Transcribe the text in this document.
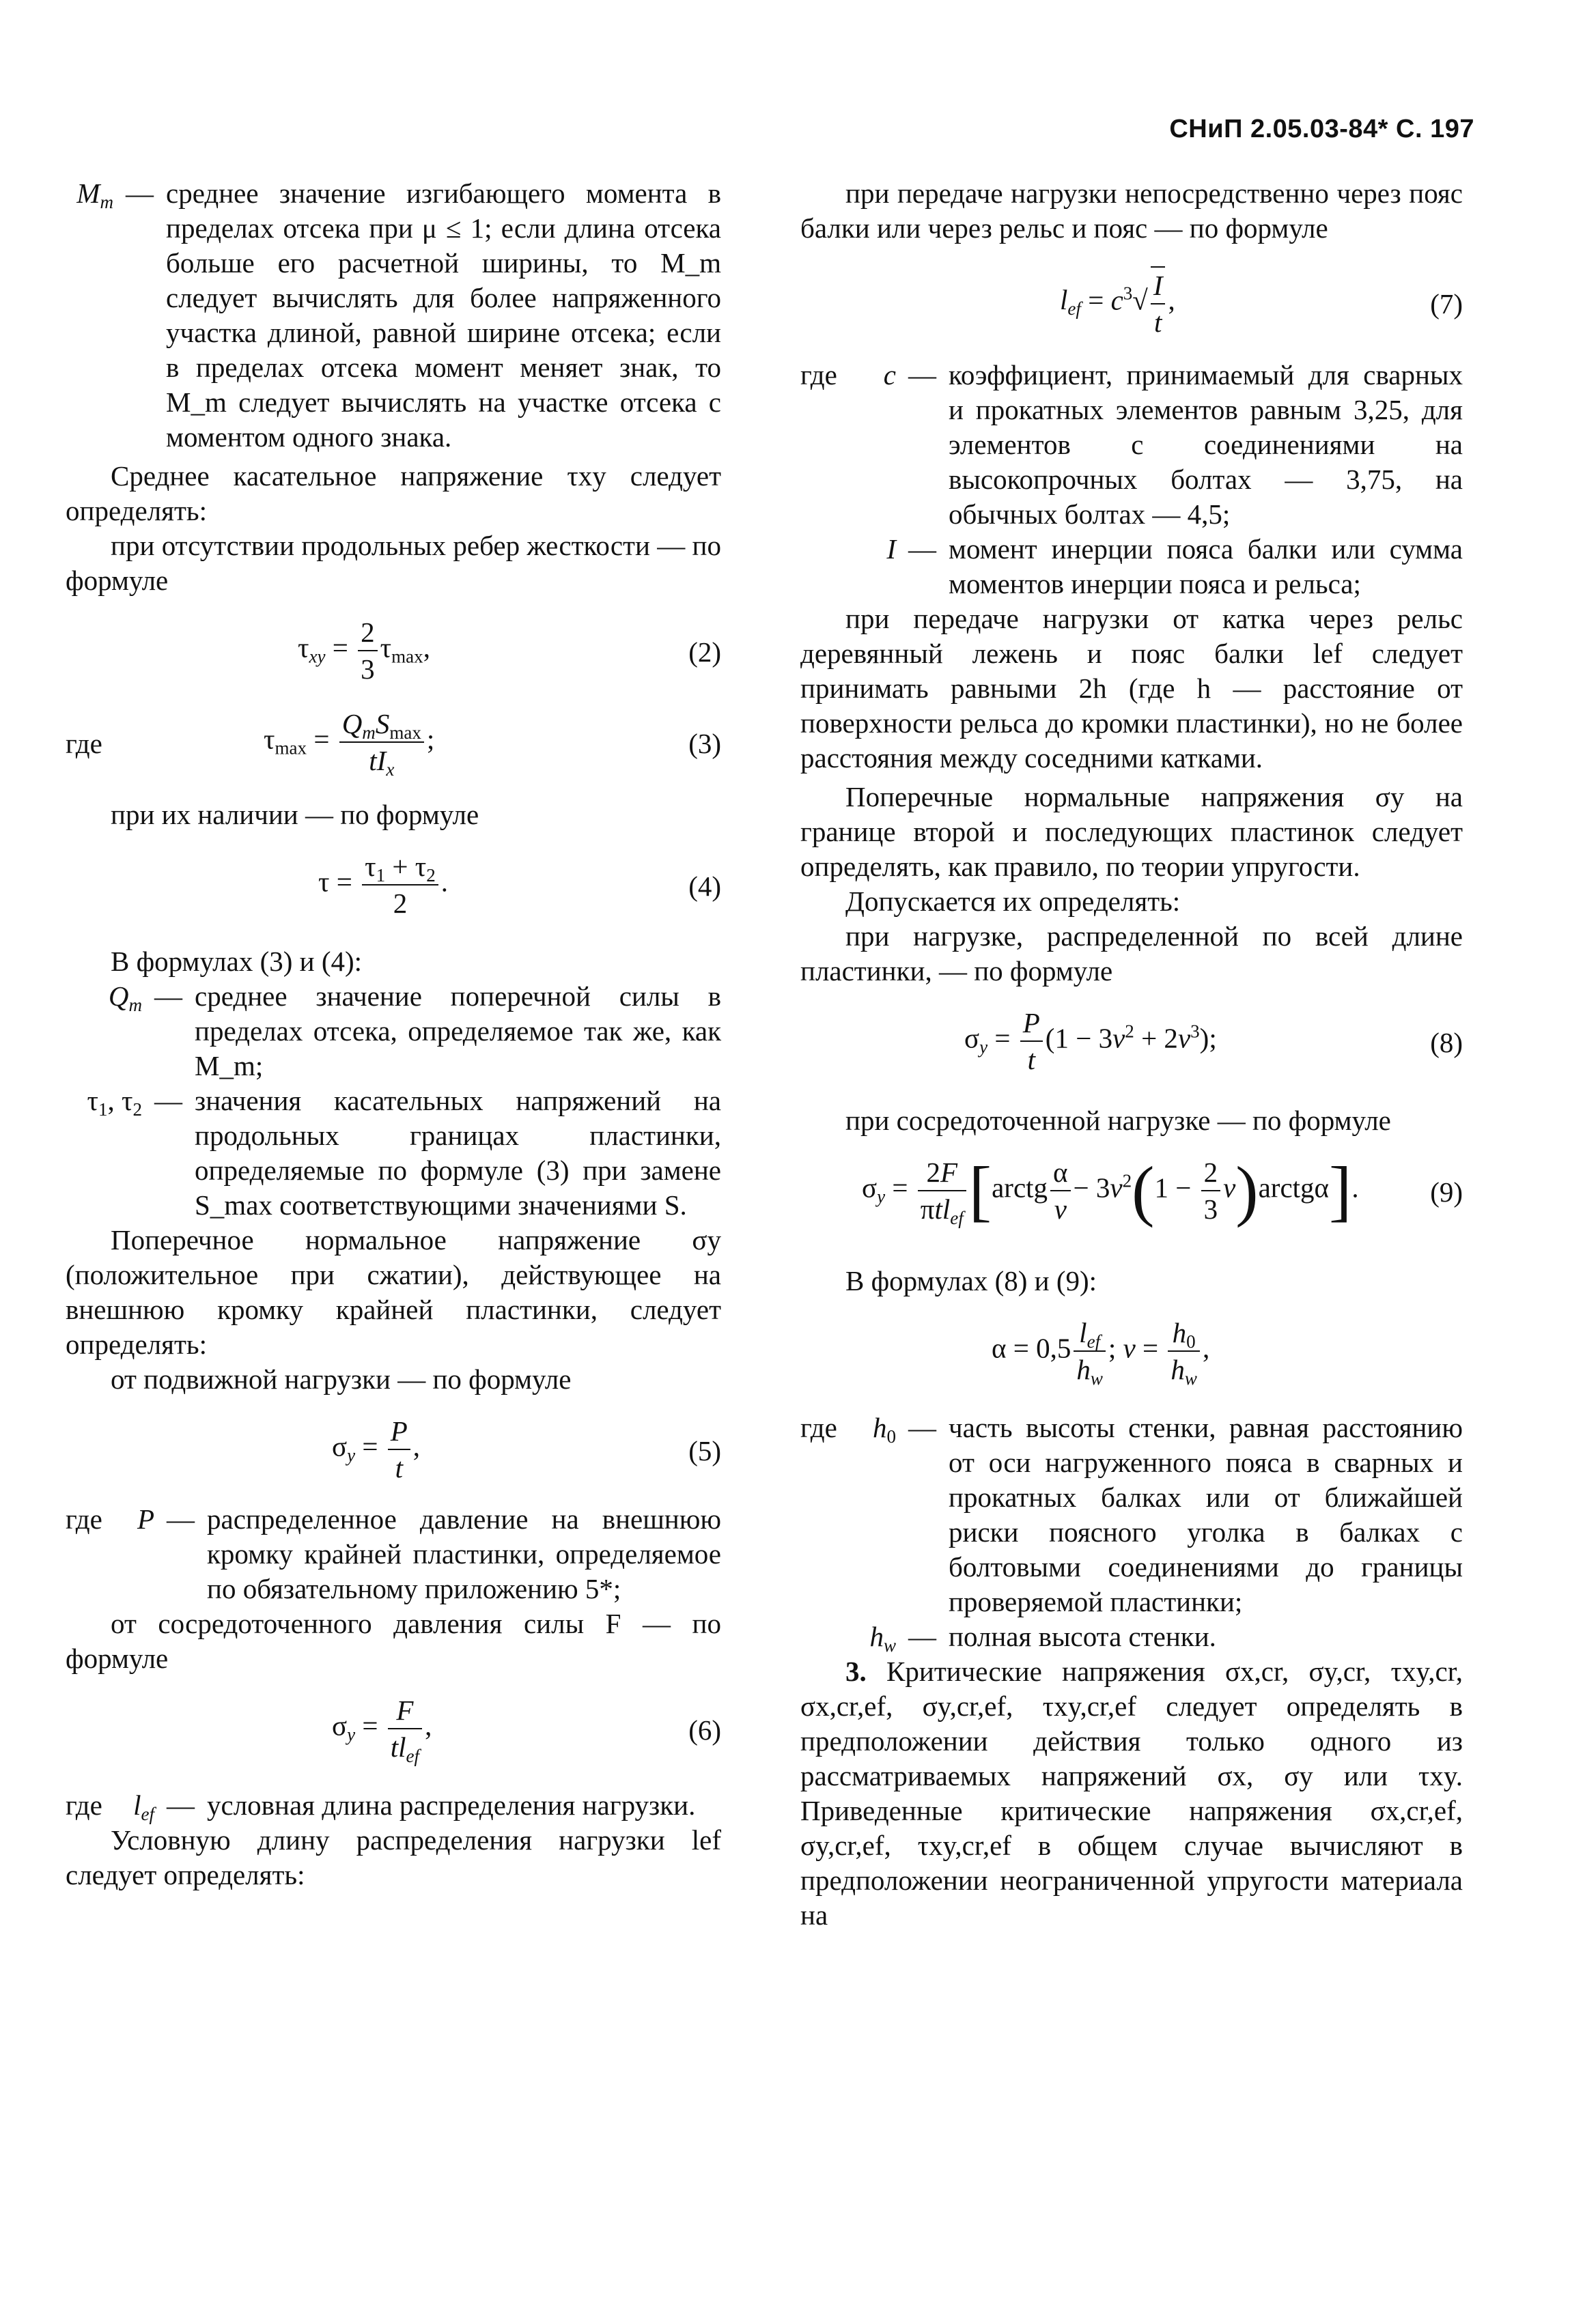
СНиП 2.05.03-84* С. 197
$M_m$ — среднее значение изгибающего момента в пределах отсека при μ ≤ 1; если длина отсека больше его расчетной ширины, то M_m следует вычислять для более напряженного участка длиной, равной ширине отсека; если в пределах отсека момент меняет знак, то M_m следует вычислять на участке отсека с моментом одного знака.

Среднее касательное напряжение τxy следует определять:

при отсутствии продольных ребер жесткости — по формуле

$\tau_{xy} = \frac{2}{3} \tau_{max}$,	(2)
где	$\tau_{max} = Q_mS_{max}$
$tI_x$
;	(3)

при их наличии — по формуле

$\tau = \frac{\tau_1 + \tau_2}{2}$ .	(4)

В формулах (3) и (4):

$Q_m$ — среднее значение поперечной силы в пределах отсека, определяемое так же, как M_m;
$\tau_1$, $\tau_2$ — значения касательных напряжений на продольных границах пластинки, определяемые по формуле (3) при замене S_max соответствующими значениями S.

Поперечное нормальное напряжение σy (положительное при сжатии), действующее на внешнюю кромку крайней пластинки, следует определять:

от подвижной нагрузки — по формуле

$\sigma_y = \frac{P}{t}$ ,	(5)
где	P — распределенное давление на внешнюю кромку крайней пластинки, определяемое по обязательному приложению 5*;

от сосредоточенного давления силы F — по формуле

$\sigma_y = F$
$tl_{ef}$
,	(6)
где	$l_{ef}$ — условная длина распределения нагрузки.

Условную длину распределения нагрузки lef следует определять:

при передаче нагрузки непосредственно через пояс балки или через рельс и пояс — по формуле

$l_{ef} = c^3√ \frac{I}{t}$ ,	(7)
где	c — коэффициент, принимаемый для сварных и прокатных элементов равным 3,25, для элементов с соединениями на высокопрочных болтах — 3,75, на обычных болтах — 4,5;
I — момент инерции пояса балки или сумма моментов инерции пояса и рельса;

при передаче нагрузки от катка через рельс деревянный лежень и пояс балки lef следует принимать равными 2h (где h — расстояние от поверхности рельса до кромки пластинки), но не более расстояния между соседними катками.

Поперечные нормальные напряжения σy на границе второй и последующих пластинок следует определять, как правило, по теории упругости.

Допускается их определять:

при нагрузке, распределенной по всей длине пластинки, — по формуле

$\sigma_y = \frac{P}{t} (1 - 3v^2 + 2v^3)$;	(8)

при сосредоточенной нагрузке — по формуле

$\sigma_y = 2F$
πtl$_{ef}$ [arctg $\frac{\alpha}{v} - 3v^2(1 - \frac{2}{3}$ v)arctgα].	(9)

В формулах (8) и (9):

α = 0,5 $l_{ef}$
$h_w$
; $v = \frac{h_0}{h_w}$ ,
где	$h_0$ — часть высоты стенки, равная расстоянию от оси нагруженного пояса в сварных и прокатных балках или от ближайшей риски поясного уголка в балках с болтовыми соединениями до границы проверяемой пластинки;
$h_w$ — полная высота стенки.

3. Критические напряжения σx,cr, σy,cr, τxy,cr, σx,cr,ef, σy,cr,ef, τxy,cr,ef следует определять в предположении действия только одного из рассматриваемых напряжений σx, σy или τxy. Приведенные критические напряжения σx,cr,ef, σy,cr,ef, τxy,cr,ef в общем случае вычисляют в предположении неограниченной упругости материала на
